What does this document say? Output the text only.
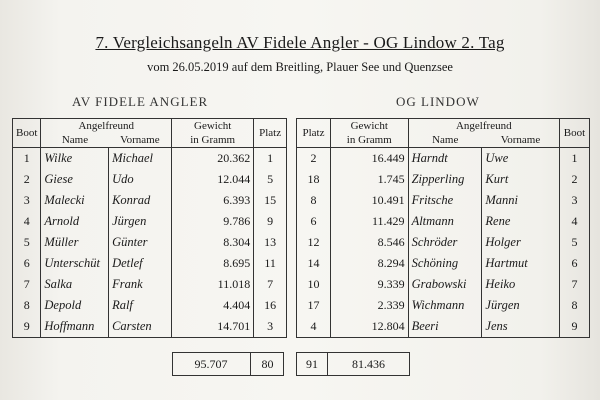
7. Vergleichsangeln AV Fidele Angler - OG Lindow 2. Tag
vom 26.05.2019 auf dem Breitling, Plauer See und Quenzsee
AV FIDELE ANGLER	OG LINDOW
Boot	Angelfreund		Gewicht	Platz
	Name	Vorname	in Gramm	
1	Wilke	Michael	20.362	1
2	Giese	Udo	12.044	5
3	Malecki	Konrad	6.393	15
4	Arnold	Jürgen	9.786	9
5	Müller	Günter	8.304	13
6	Unterschüt	Detlef	8.695	11
7	Salka	Frank	11.018	7
8	Depold	Ralf	4.404	16
9	Hoffmann	Carsten	14.701	3
Platz	Gewicht	Angelfreund		Boot
	in Gramm	Name	Vorname	
2	16.449	Harndt	Uwe	1
18	1.745	Zipperling	Kurt	2
8	10.491	Fritsche	Manni	3
6	11.429	Altmann	Rene	4
12	8.546	Schröder	Holger	5
14	8.294	Schöning	Hartmut	6
10	9.339	Grabowski	Heiko	7
17	2.339	Wichmann	Jürgen	8
4	12.804	Beeri	Jens	9
95.707	80	91	81.436
